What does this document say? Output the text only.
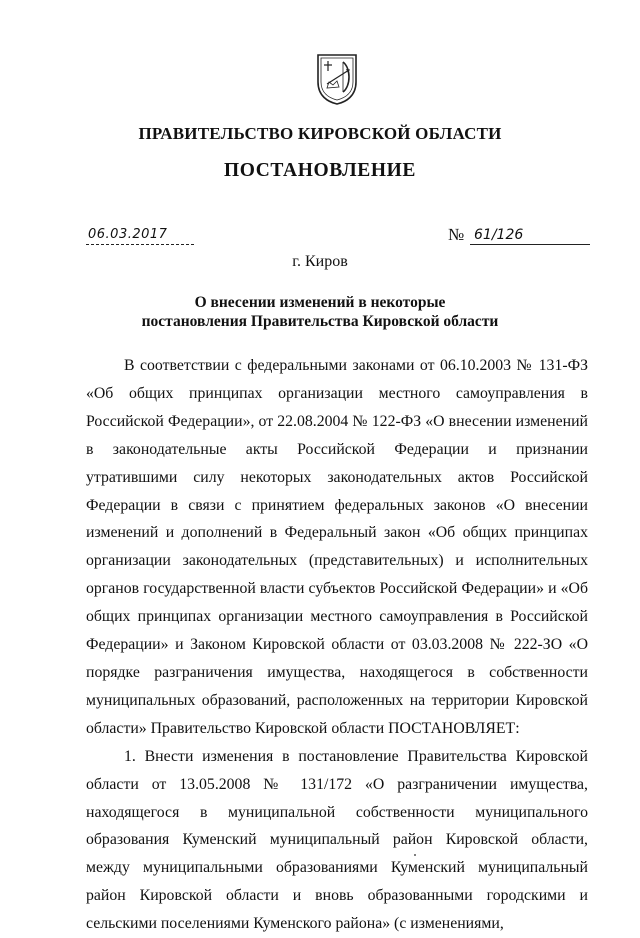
ПРАВИТЕЛЬСТВО КИРОВСКОЙ ОБЛАСТИ
ПОСТАНОВЛЕНИЕ
06.03.2017	№ 61/126
г. Киров
О внесении изменений в некоторые
постановления Правительства Кировской области

В соответствии с федеральными законами от 06.10.2003 № 131-ФЗ «Об общих принципах организации местного самоуправления в Российской Федерации», от 22.08.2004 № 122-ФЗ «О внесении изменений в законодательные акты Российской Федерации и признании утратившими силу некоторых законодательных актов Российской Федерации в связи с принятием федеральных законов «О внесении изменений и дополнений в Федеральный закон «Об общих принципах организации законодательных (представительных) и исполнительных органов государственной власти субъектов Российской Федерации» и «Об общих принципах организации местного самоуправления в Российской Федерации» и Законом Кировской области от 03.03.2008 № 222-ЗО «О порядке разграничения имущества, находящегося в собственности муниципальных образований, расположенных на территории Кировской области» Правительство Кировской области ПОСТАНОВЛЯЕТ:

1. Внести изменения в постановление Правительства Кировской области от 13.05.2008 № 131/172 «О разграничении имущества, находящегося в муниципальной собственности муниципального образования Куменский муниципальный район Кировской области, между муниципальными образованиями Куменский муниципальный район Кировской области и вновь образованными городскими и сельскими поселениями Куменского района» (с изменениями,
